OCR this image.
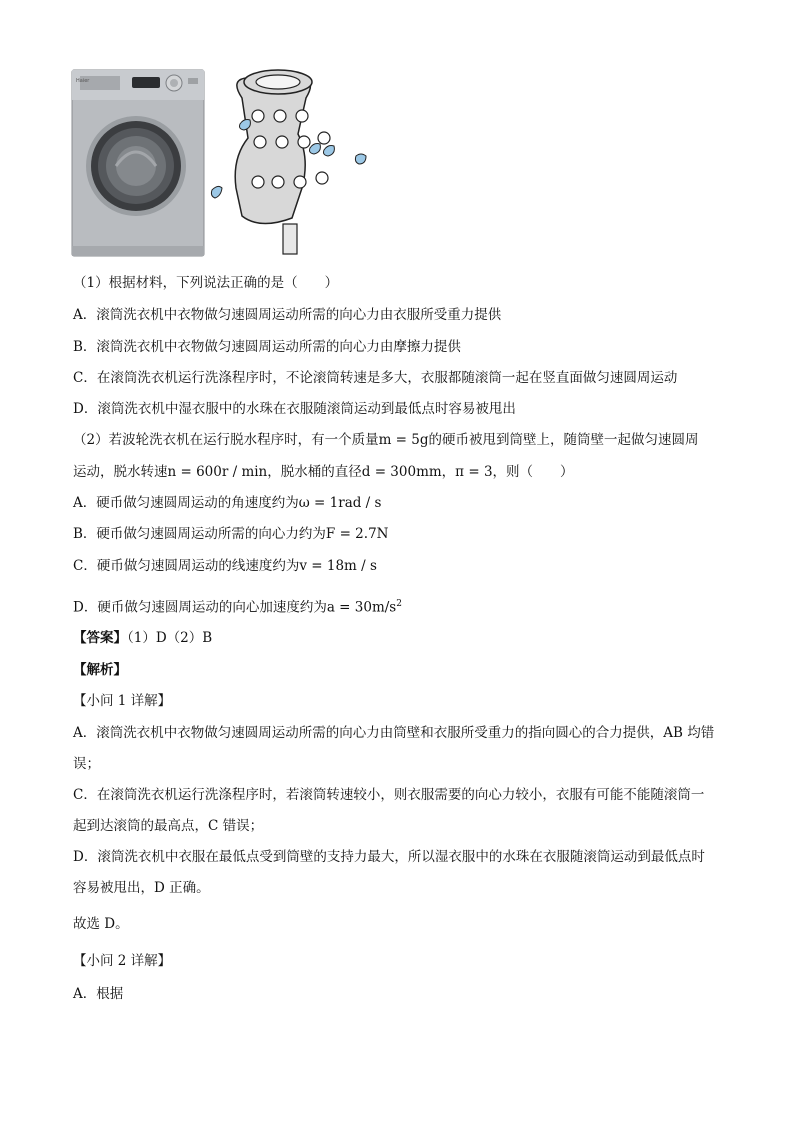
Haier
（1）根据材料，下列说法正确的是（　　）
A．滚筒洗衣机中衣物做匀速圆周运动所需的向心力由衣服所受重力提供
B．滚筒洗衣机中衣物做匀速圆周运动所需的向心力由摩擦力提供
C．在滚筒洗衣机运行洗涤程序时，不论滚筒转速是多大，衣服都随滚筒一起在竖直面做匀速圆周运动
D．滚筒洗衣机中湿衣服中的水珠在衣服随滚筒运动到最低点时容易被甩出
（2）若波轮洗衣机在运行脱水程序时，有一个质量m = 5g的硬币被甩到筒壁上，随筒壁一起做匀速圆周
运动，脱水转速n = 600r / min，脱水桶的直径d = 300mm，π = 3，则（　　）
A．硬币做匀速圆周运动的角速度约为ω = 1rad / s
B．硬币做匀速圆周运动所需的向心力约为F = 2.7N
C．硬币做匀速圆周运动的线速度约为v = 18m / s
D．硬币做匀速圆周运动的向心加速度约为$a = 30m/s^2$
【答案】（1）D（2）B
【解析】
【小问 1 详解】
A．滚筒洗衣机中衣物做匀速圆周运动所需的向心力由筒壁和衣服所受重力的指向圆心的合力提供，AB 均错
误；
C．在滚筒洗衣机运行洗涤程序时，若滚筒转速较小，则衣服需要的向心力较小，衣服有可能不能随滚筒一
起到达滚筒的最高点，C 错误；
D．滚筒洗衣机中衣服在最低点受到筒壁的支持力最大，所以湿衣服中的水珠在衣服随滚筒运动到最低点时
容易被甩出，D 正确。
故选 D。
【小问 2 详解】
A．根据
